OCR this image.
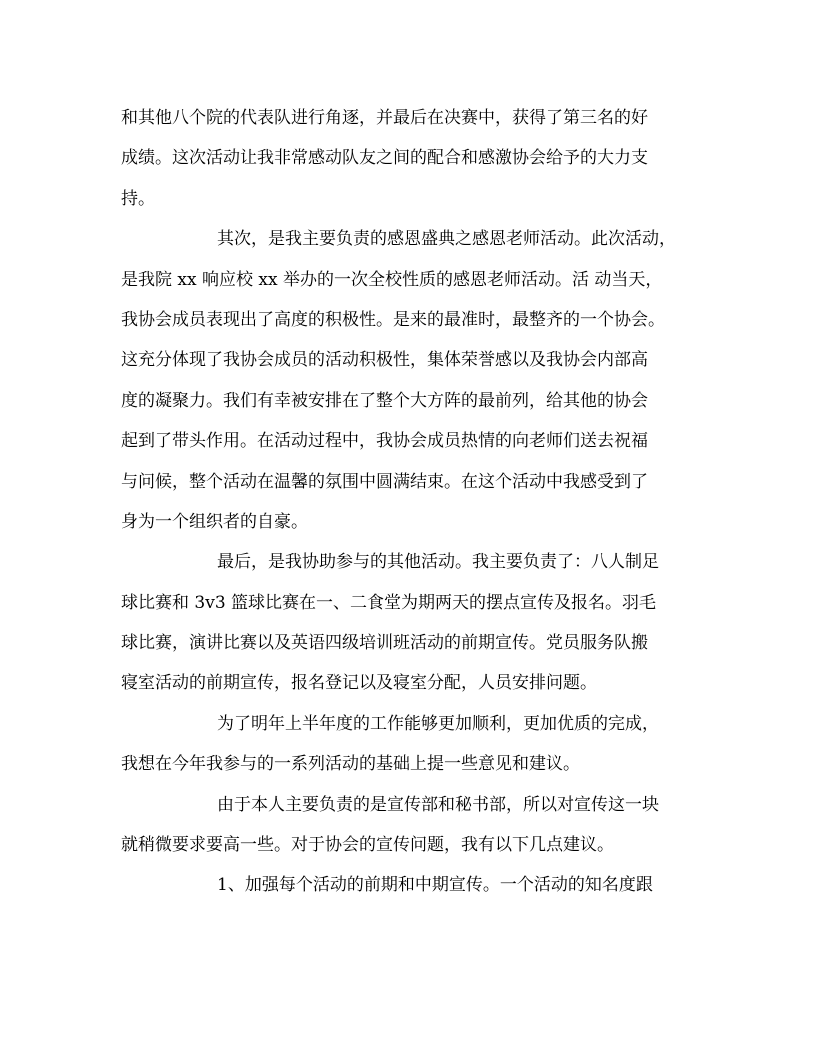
和其他八个院的代表队进行角逐，并最后在决赛中，获得了第三名的好
成绩。这次活动让我非常感动队友之间的配合和感激协会给予的大力支
持。
其次，是我主要负责的感恩盛典之感恩老师活动。此次活动，
是我院 xx 响应校 xx 举办的一次全校性质的感恩老师活动。活 动当天，
我协会成员表现出了高度的积极性。是来的最准时，最整齐的一个协会。
这充分体现了我协会成员的活动积极性，集体荣誉感以及我协会内部高
度的凝聚力。我们有幸被安排在了整个大方阵的最前列，给其他的协会
起到了带头作用。在活动过程中，我协会成员热情的向老师们送去祝福
与问候，整个活动在温馨的氛围中圆满结束。在这个活动中我感受到了
身为一个组织者的自豪。
最后，是我协助参与的其他活动。我主要负责了：八人制足
球比赛和 3v3 篮球比赛在一、二食堂为期两天的摆点宣传及报名。羽毛
球比赛，演讲比赛以及英语四级培训班活动的前期宣传。党员服务队搬
寝室活动的前期宣传，报名登记以及寝室分配，人员安排问题。
为了明年上半年度的工作能够更加顺利，更加优质的完成，
我想在今年我参与的一系列活动的基础上提一些意见和建议。
由于本人主要负责的是宣传部和秘书部，所以对宣传这一块
就稍微要求要高一些。对于协会的宣传问题，我有以下几点建议。
1、加强每个活动的前期和中期宣传。一个活动的知名度跟
